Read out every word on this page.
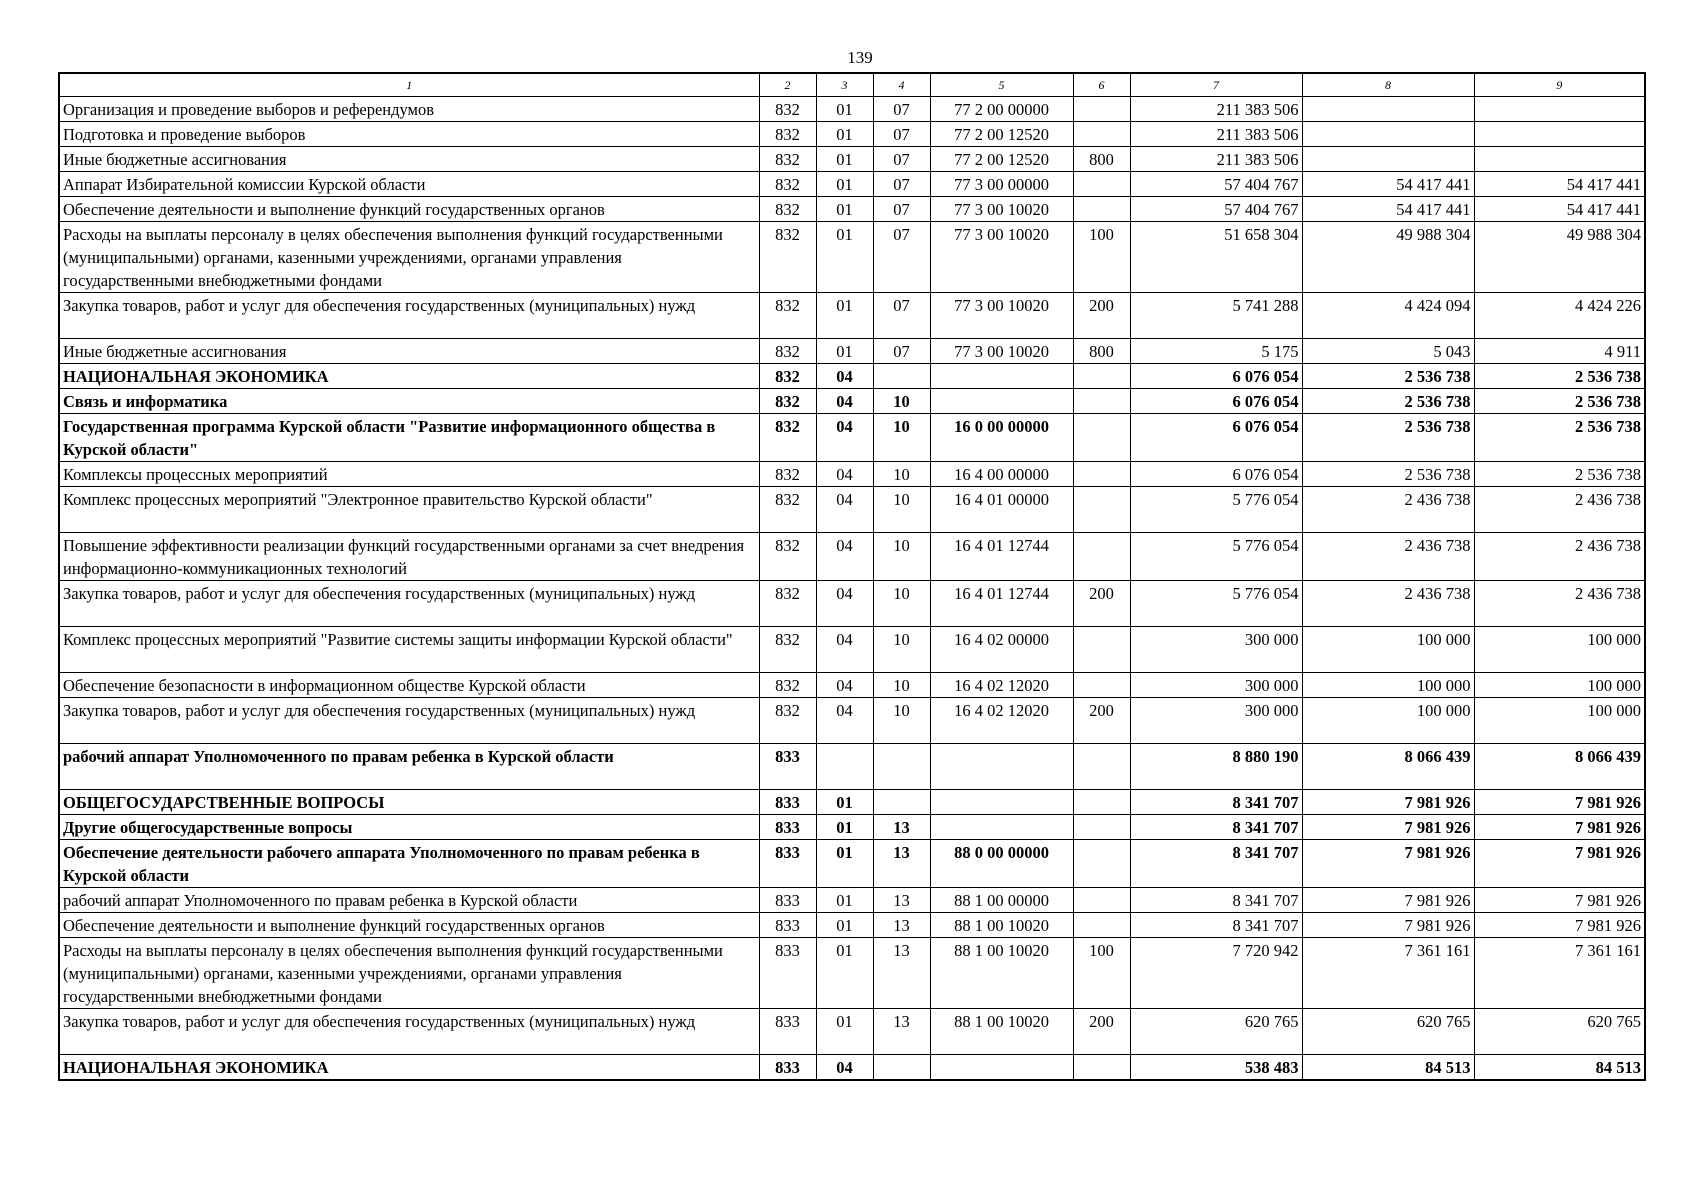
139
1	2	3	4	5	6	7	8	9
Организация и проведение выборов и референдумов	832	01	07	77 2 00 00000		211 383 506		
Подготовка и проведение выборов	832	01	07	77 2 00 12520		211 383 506		
Иные бюджетные ассигнования	832	01	07	77 2 00 12520	800	211 383 506		
Аппарат Избирательной комиссии Курской области	832	01	07	77 3 00 00000		57 404 767	54 417 441	54 417 441
Обеспечение деятельности и выполнение функций государственных органов	832	01	07	77 3 00 10020		57 404 767	54 417 441	54 417 441
Расходы на выплаты персоналу в целях обеспечения выполнения функций государственными (муниципальными) органами, казенными учреждениями, органами управления государственными внебюджетными фондами	832	01	07	77 3 00 10020	100	51 658 304	49 988 304	49 988 304
Закупка товаров, работ и услуг для обеспечения государственных (муниципальных) нужд	832	01	07	77 3 00 10020	200	5 741 288	4 424 094	4 424 226
Иные бюджетные ассигнования	832	01	07	77 3 00 10020	800	5 175	5 043	4 911
НАЦИОНАЛЬНАЯ ЭКОНОМИКА	832	04				6 076 054	2 536 738	2 536 738
Связь и информатика	832	04	10			6 076 054	2 536 738	2 536 738
Государственная программа Курской области "Развитие информационного общества в Курской области"	832	04	10	16 0 00 00000		6 076 054	2 536 738	2 536 738
Комплексы процессных мероприятий	832	04	10	16 4 00 00000		6 076 054	2 536 738	2 536 738
Комплекс процессных мероприятий "Электронное правительство Курской области"	832	04	10	16 4 01 00000		5 776 054	2 436 738	2 436 738
Повышение эффективности реализации функций государственными органами за счет внедрения информационно-коммуникационных технологий	832	04	10	16 4 01 12744		5 776 054	2 436 738	2 436 738
Закупка товаров, работ и услуг для обеспечения государственных (муниципальных) нужд	832	04	10	16 4 01 12744	200	5 776 054	2 436 738	2 436 738
Комплекс процессных мероприятий "Развитие системы защиты информации Курской области"	832	04	10	16 4 02 00000		300 000	100 000	100 000
Обеспечение безопасности в информационном обществе Курской области	832	04	10	16 4 02 12020		300 000	100 000	100 000
Закупка товаров, работ и услуг для обеспечения государственных (муниципальных) нужд	832	04	10	16 4 02 12020	200	300 000	100 000	100 000
рабочий аппарат Уполномоченного по правам ребенка в Курской области	833					8 880 190	8 066 439	8 066 439
ОБЩЕГОСУДАРСТВЕННЫЕ ВОПРОСЫ	833	01				8 341 707	7 981 926	7 981 926
Другие общегосударственные вопросы	833	01	13			8 341 707	7 981 926	7 981 926
Обеспечение деятельности рабочего аппарата Уполномоченного по правам ребенка в Курской области	833	01	13	88 0 00 00000		8 341 707	7 981 926	7 981 926
рабочий аппарат Уполномоченного по правам ребенка в Курской области	833	01	13	88 1 00 00000		8 341 707	7 981 926	7 981 926
Обеспечение деятельности и выполнение функций государственных органов	833	01	13	88 1 00 10020		8 341 707	7 981 926	7 981 926
Расходы на выплаты персоналу в целях обеспечения выполнения функций государственными (муниципальными) органами, казенными учреждениями, органами управления государственными внебюджетными фондами	833	01	13	88 1 00 10020	100	7 720 942	7 361 161	7 361 161
Закупка товаров, работ и услуг для обеспечения государственных (муниципальных) нужд	833	01	13	88 1 00 10020	200	620 765	620 765	620 765
НАЦИОНАЛЬНАЯ ЭКОНОМИКА	833	04				538 483	84 513	84 513
